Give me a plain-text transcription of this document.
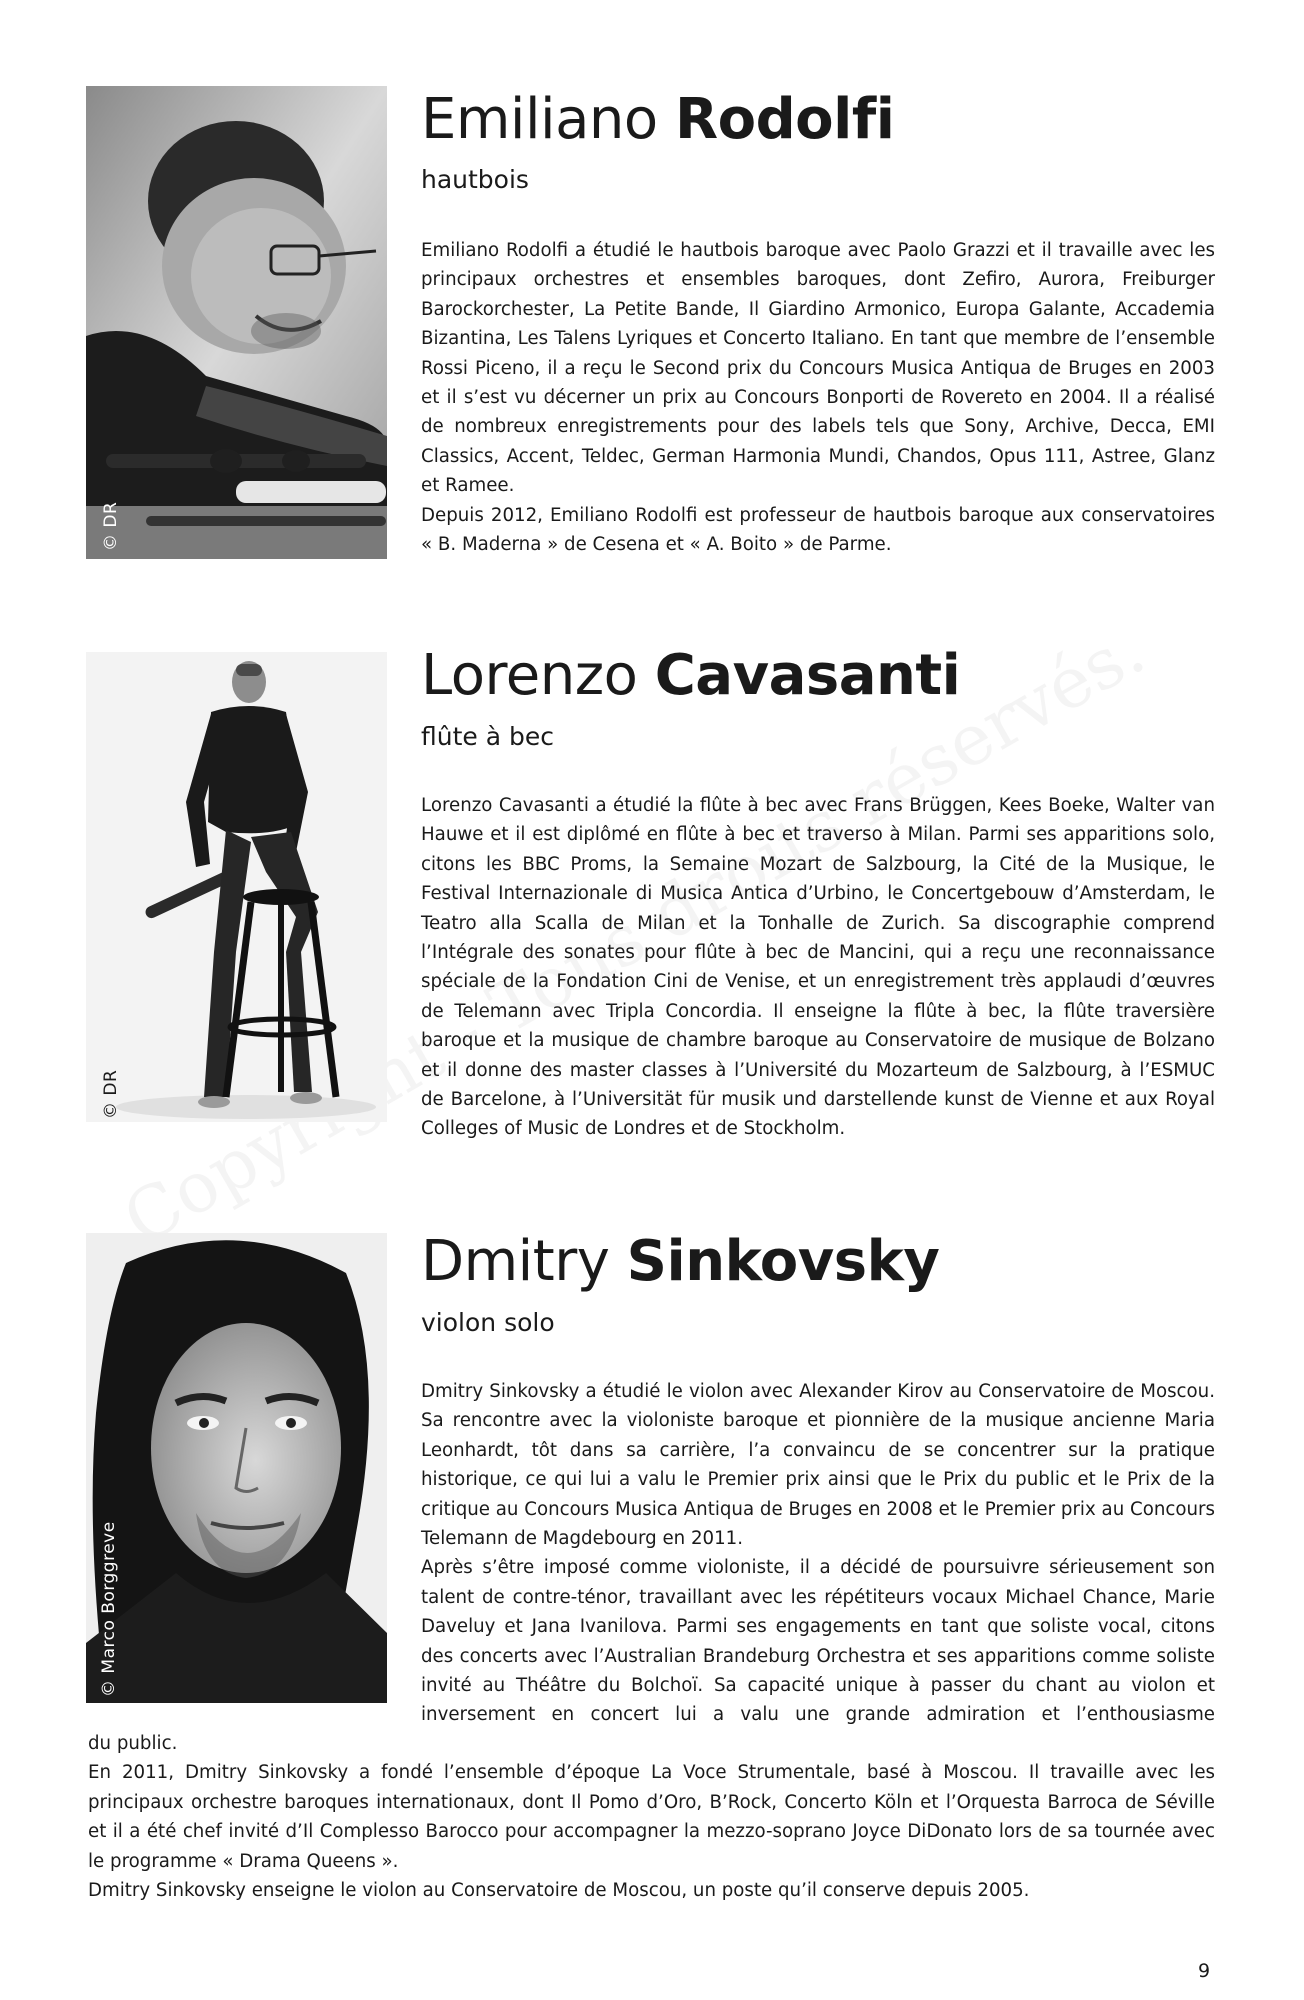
© DR
Emiliano Rodolfi
hautbois

Emiliano Rodolfi a étudié le hautbois baroque avec Paolo Grazzi et il travaille avec les principaux orchestres et ensembles baroques, dont Zefiro, Aurora, Freiburger Barockorchester, La Petite Bande, Il Giardino Armonico, Europa Galante, Accademia Bizantina, Les Talens Lyriques et Concerto Italiano. En tant que membre de l’ensemble Rossi Piceno, il a reçu le Second prix du Concours Musica Antiqua de Bruges en 2003 et il s’est vu décerner un prix au Concours Bonporti de Rovereto en 2004. Il a réalisé de nombreux enregistrements pour des labels tels que Sony, Archive, Decca, EMI Classics, Accent, Teldec, German Harmonia Mundi, Chandos, Opus 111, Astree, Glanz et Ramee.

Depuis 2012, Emiliano Rodolfi est professeur de hautbois baroque aux conservatoires « B. Maderna » de Cesena et « A. Boito » de Parme.

© DR
Lorenzo Cavasanti
flûte à bec

Lorenzo Cavasanti a étudié la flûte à bec avec Frans Brüggen, Kees Boeke, Walter van Hauwe et il est diplômé en flûte à bec et traverso à Milan. Parmi ses apparitions solo, citons les BBC Proms, la Semaine Mozart de Salzbourg, la Cité de la Musique, le Festival Internazionale di Musica Antica d’Urbino, le Concertgebouw d’Amsterdam, le Teatro alla Scalla de Milan et la Tonhalle de Zurich. Sa discographie comprend l’Intégrale des sonates pour flûte à bec de Mancini, qui a reçu une reconnaissance spéciale de la Fondation Cini de Venise, et un enregistrement très applaudi d’œuvres de Telemann avec Tripla Concordia. Il enseigne la flûte à bec, la flûte traversière baroque et la musique de chambre baroque au Conservatoire de musique de Bolzano et il donne des master classes à l’Université du Mozarteum de Salzbourg, à l’ESMUC de Barcelone, à l’Universität für musik und darstellende kunst de Vienne et aux Royal Colleges of Music de Londres et de Stockholm.

© Marco Borggreve
Dmitry Sinkovsky
violon solo

Dmitry Sinkovsky a étudié le violon avec Alexander Kirov au Conservatoire de Moscou. Sa rencontre avec la violoniste baroque et pionnière de la musique ancienne Maria Leonhardt, tôt dans sa carrière, l’a convaincu de se concentrer sur la pratique historique, ce qui lui a valu le Premier prix ainsi que le Prix du public et le Prix de la critique au Concours Musica Antiqua de Bruges en 2008 et le Premier prix au Concours Telemann de Magdebourg en 2011.

Après s’être imposé comme violoniste, il a décidé de poursuivre sérieusement son talent de contre-ténor, travaillant avec les répétiteurs vocaux Michael Chance, Marie Daveluy et Jana Ivanilova. Parmi ses engagements en tant que soliste vocal, citons des concerts avec l’Australian Brandeburg Orchestra et ses apparitions comme soliste invité au Théâtre du Bolchoï. Sa capacité unique à passer du chant au violon et inversement en concert lui a valu une grande admiration et l’enthousiasme

du public.

En 2011, Dmitry Sinkovsky a fondé l’ensemble d’époque La Voce Strumentale, basé à Moscou. Il travaille avec les principaux orchestre baroques internationaux, dont Il Pomo d’Oro, B’Rock, Concerto Köln et l’Orquesta Barroca de Séville et il a été chef invité d’Il Complesso Barocco pour accompagner la mezzo-soprano Joyce DiDonato lors de sa tournée avec le programme « Drama Queens ».

Dmitry Sinkovsky enseigne le violon au Conservatoire de Moscou, un poste qu’il conserve depuis 2005.

9
